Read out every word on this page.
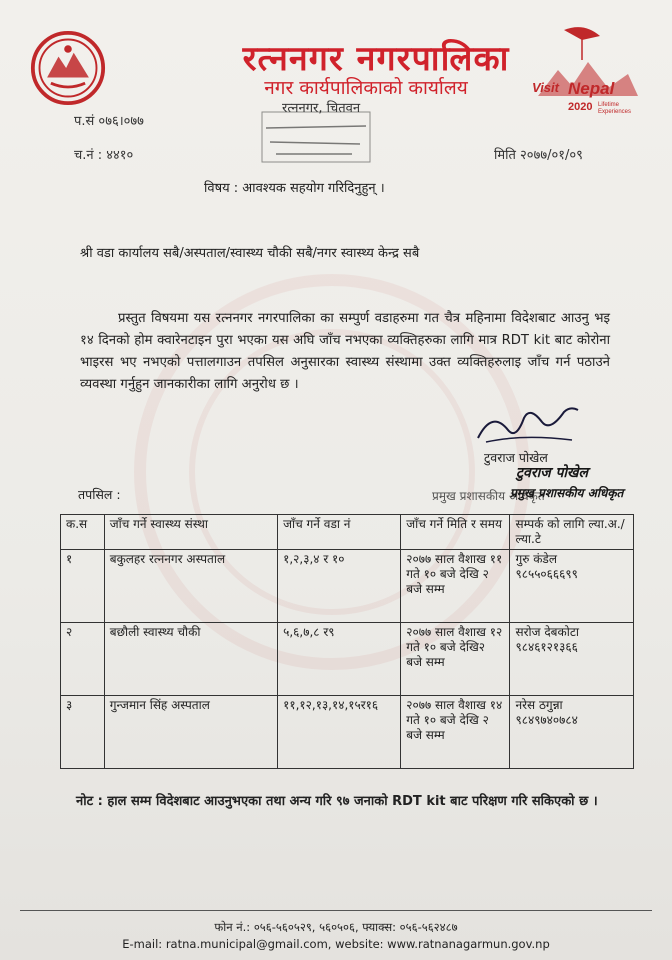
रत्ननगर नगरपालिका
नगर कार्यपालिकाको कार्यालय
रत्ननगर, चितवन
Visit Nepal
2020 Lifetime
Experiences
प.सं ०७६।०७७
च.नं : ४४१०	मिति २०७७/०१/०९
विषय : आवश्यक सहयोग गरिदिनुहुन् ।
श्री वडा कार्यालय सबै/अस्पताल/स्वास्थ्य चौकी सबै/नगर स्वास्थ्य केन्द्र सबै
प्रस्तुत विषयमा यस रत्ननगर नगरपालिका का सम्पुर्ण वडाहरुमा गत चैत्र महिनामा विदेशबाट आउनु भइ १४ दिनको होम क्वारेनटाइन पुरा भएका यस अघि जाँच नभएका व्यक्तिहरुका लागि मात्र RDT kit बाट कोरोना भाइरस भए नभएको पत्तालगाउन तपसिल अनुसारका स्वास्थ्य संस्थामा उक्त व्यक्तिहरुलाइ जाँच गर्न पठाउने व्यवस्था गर्नुहुन जानकारीका लागि अनुरोध छ ।
टुवराज पोखेल
टुवराज पोखेल
प्रमुख प्रशासकीय अधिकृत
प्रमुख प्रशासकीय अधिकृत
तपसिल :
क.स	जाँच गर्ने स्वास्थ्य संस्था	जाँच गर्ने वडा नं	जाँच गर्ने मिति र समय	सम्पर्क को लागि ल्या.अ./ल्या.टे
१	बकुलहर रत्ननगर अस्पताल	१,२,३,४ र १०	२०७७ साल वैशाख ११ गते १० बजे देखि २ बजे सम्म	गुरु कंडेल
९८५५०६६६९९
२	बछौली स्वास्थ्य चौकी	५,६,७,८ र९	२०७७ साल वैशाख १२ गते १० बजे देखि२ बजे सम्म	सरोज देबकोटा
९८४६१२१३६६
३	गुन्जमान सिंह अस्पताल	११,१२,१३,१४,१५र१६	२०७७ साल वैशाख १४ गते १० बजे देखि २ बजे सम्म	नरेस ठगुन्ना
९८४९७४०७८४
नोट : हाल सम्म विदेशबाट आउनुभएका तथा अन्य गरि ९७ जनाको RDT kit बाट परिक्षण गरि सकिएको छ ।
फोन नं.: ०५६-५६०५२९, ५६०५०६, फ्याक्स: ०५६-५६२४८७
E-mail: ratna.municipal@gmail.com, website: www.ratnanagarmun.gov.np
